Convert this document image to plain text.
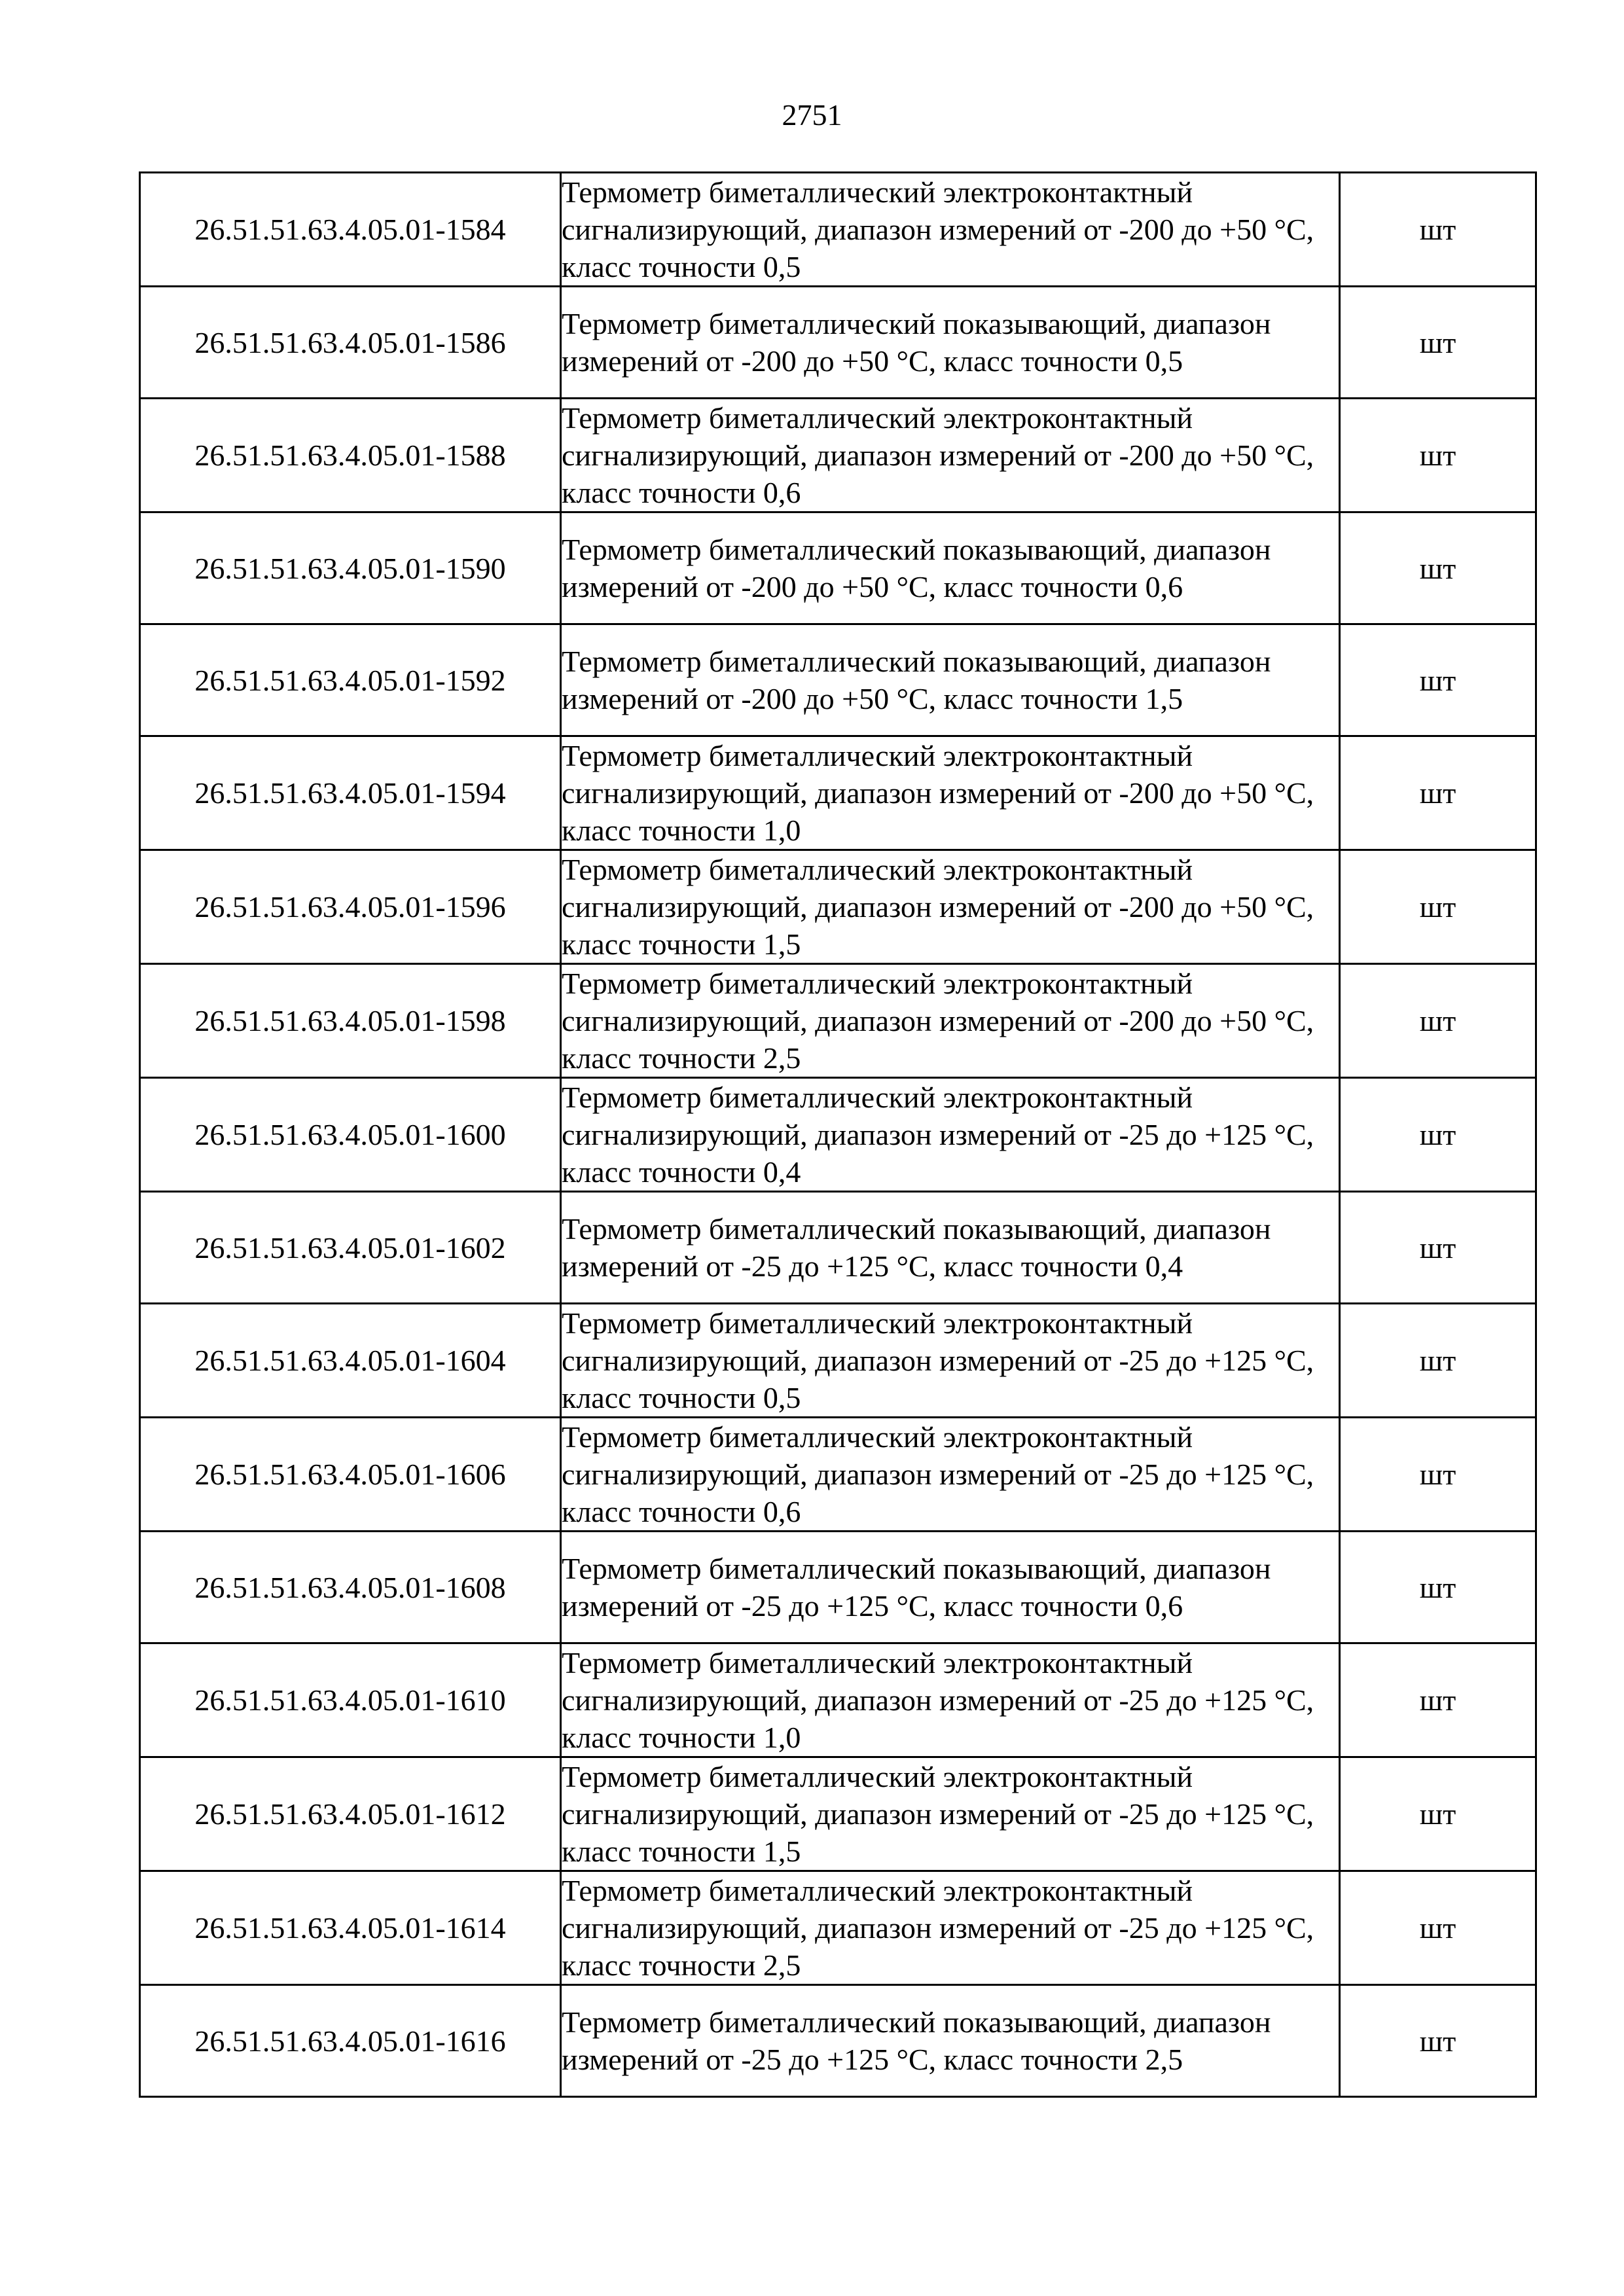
2751
26.51.51.63.4.05.01-1584	Термометр биметаллический электроконтактный сигнализирующий, диапазон измерений от -200 до +50 °С, класс точности 0,5	шт
26.51.51.63.4.05.01-1586	Термометр биметаллический показывающий, диапазон измерений от -200 до +50 °С, класс точности 0,5	шт
26.51.51.63.4.05.01-1588	Термометр биметаллический электроконтактный сигнализирующий, диапазон измерений от -200 до +50 °С, класс точности 0,6	шт
26.51.51.63.4.05.01-1590	Термометр биметаллический показывающий, диапазон измерений от -200 до +50 °С, класс точности 0,6	шт
26.51.51.63.4.05.01-1592	Термометр биметаллический показывающий, диапазон измерений от -200 до +50 °С, класс точности 1,5	шт
26.51.51.63.4.05.01-1594	Термометр биметаллический электроконтактный сигнализирующий, диапазон измерений от -200 до +50 °С, класс точности 1,0	шт
26.51.51.63.4.05.01-1596	Термометр биметаллический электроконтактный сигнализирующий, диапазон измерений от -200 до +50 °С, класс точности 1,5	шт
26.51.51.63.4.05.01-1598	Термометр биметаллический электроконтактный сигнализирующий, диапазон измерений от -200 до +50 °С, класс точности 2,5	шт
26.51.51.63.4.05.01-1600	Термометр биметаллический электроконтактный сигнализирующий, диапазон измерений от -25 до +125 °С, класс точности 0,4	шт
26.51.51.63.4.05.01-1602	Термометр биметаллический показывающий, диапазон измерений от -25 до +125 °С, класс точности 0,4	шт
26.51.51.63.4.05.01-1604	Термометр биметаллический электроконтактный сигнализирующий, диапазон измерений от -25 до +125 °С, класс точности 0,5	шт
26.51.51.63.4.05.01-1606	Термометр биметаллический электроконтактный сигнализирующий, диапазон измерений от -25 до +125 °С, класс точности 0,6	шт
26.51.51.63.4.05.01-1608	Термометр биметаллический показывающий, диапазон измерений от -25 до +125 °С, класс точности 0,6	шт
26.51.51.63.4.05.01-1610	Термометр биметаллический электроконтактный сигнализирующий, диапазон измерений от -25 до +125 °С, класс точности 1,0	шт
26.51.51.63.4.05.01-1612	Термометр биметаллический электроконтактный сигнализирующий, диапазон измерений от -25 до +125 °С, класс точности 1,5	шт
26.51.51.63.4.05.01-1614	Термометр биметаллический электроконтактный сигнализирующий, диапазон измерений от -25 до +125 °С, класс точности 2,5	шт
26.51.51.63.4.05.01-1616	Термометр биметаллический показывающий, диапазон измерений от -25 до +125 °С, класс точности 2,5	шт
